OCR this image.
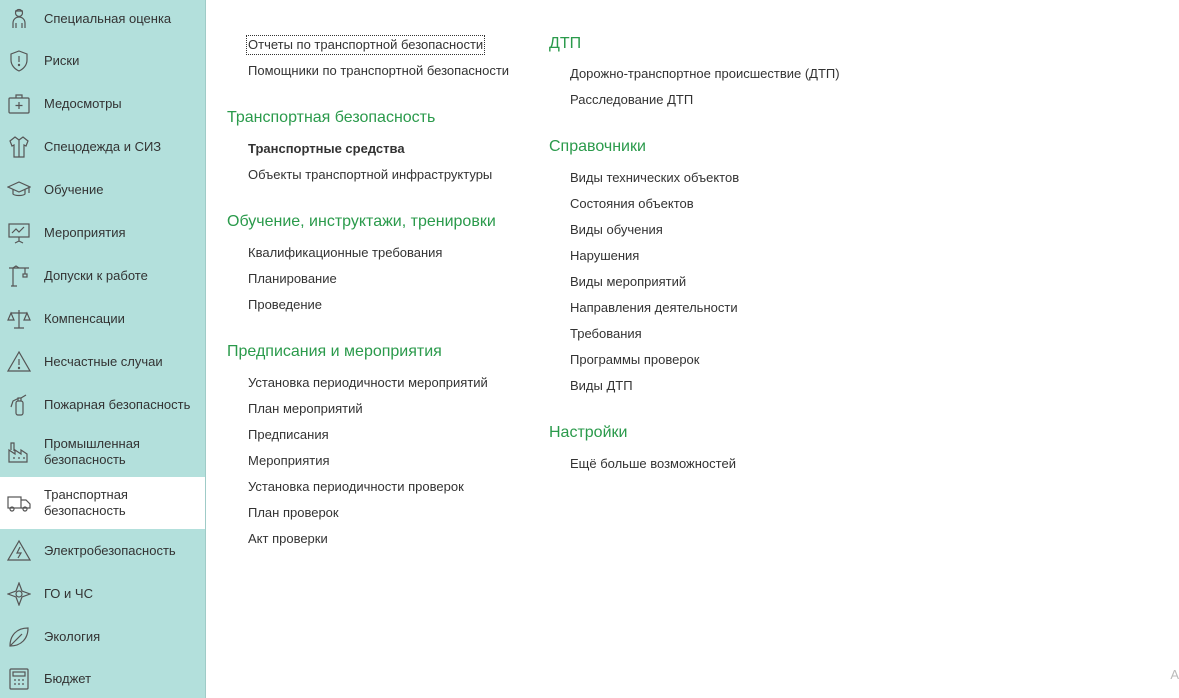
Специальная оценка
Риски
Медосмотры
Спецодежда и СИЗ
Обучение
Мероприятия
Допуски к работе
Компенсации
Несчастные случаи
Пожарная безопасность
Промышленная безопасность
Транспортная безопасность
Электробезопасность
ГО и ЧС
Экология
Бюджет
Отчеты по транспортной безопасности
Помощники по транспортной безопасности
Транспортная безопасность
Транспортные средства
Объекты транспортной инфраструктуры
Обучение, инструктажи, тренировки
Квалификационные требования
Планирование
Проведение
Предписания и мероприятия
Установка периодичности мероприятий
План мероприятий
Предписания
Мероприятия
Установка периодичности проверок
План проверок
Акт проверки
ДТП
Дорожно-транспортное происшествие (ДТП)
Расследование ДТП
Справочники
Виды технических объектов
Состояния объектов
Виды обучения
Нарушения
Виды мероприятий
Направления деятельности
Требования
Программы проверок
Виды ДТП
Настройки
Ещё больше возможностей
А
